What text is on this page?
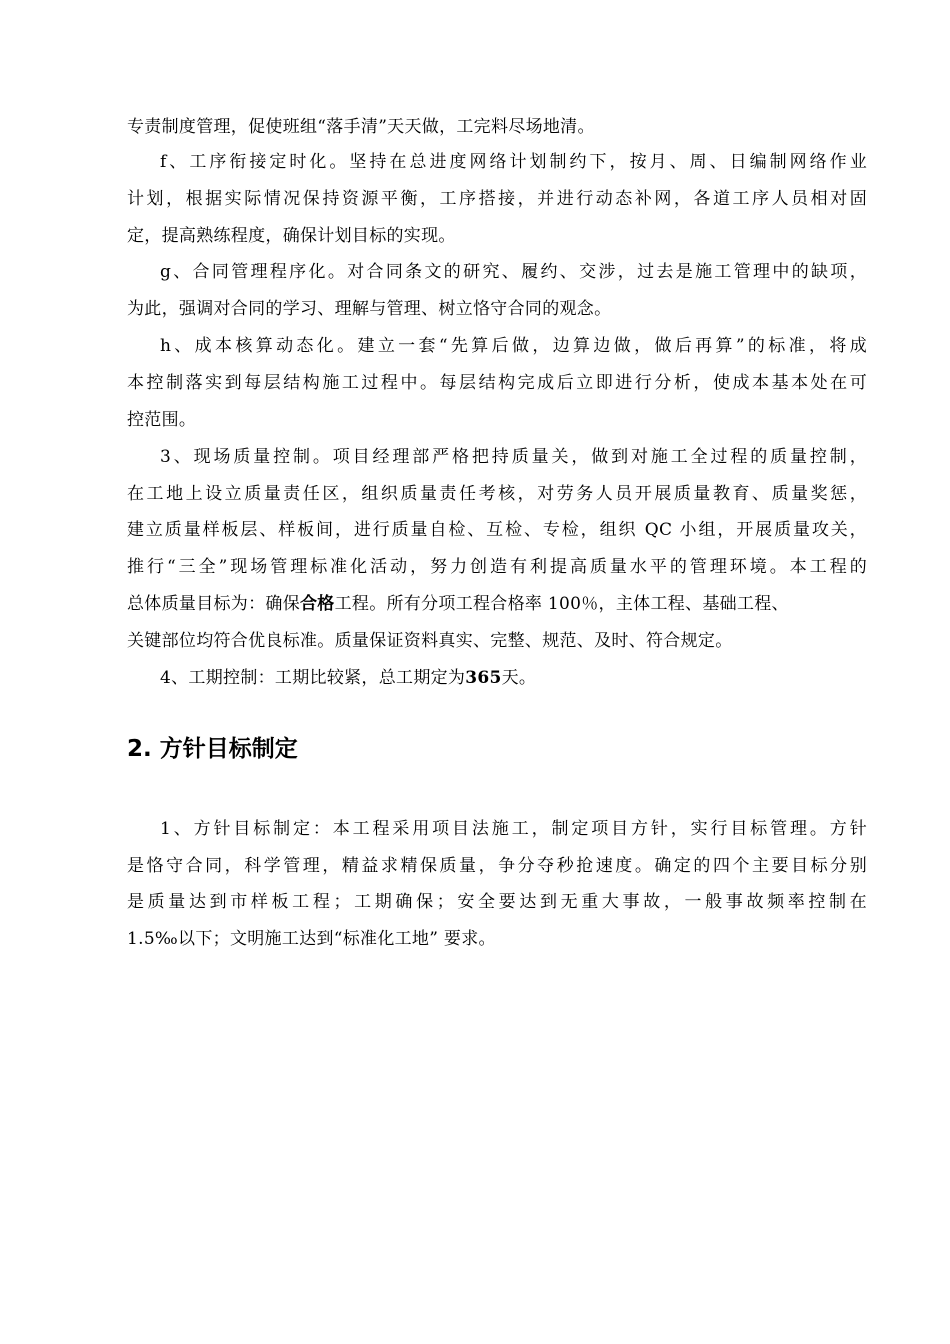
专责制度管理，促使班组“落手清”天天做，工完料尽场地清。
f、工序衔接定时化。坚持在总进度网络计划制约下，按月、周、日编制网络作业
计划，根据实际情况保持资源平衡，工序搭接，并进行动态补网，各道工序人员相对固
定，提高熟练程度，确保计划目标的实现。
g、合同管理程序化。对合同条文的研究、履约、交涉，过去是施工管理中的缺项，
为此，强调对合同的学习、理解与管理、树立恪守合同的观念。
h、成本核算动态化。建立一套“先算后做，边算边做，做后再算”的标准，将成
本控制落实到每层结构施工过程中。每层结构完成后立即进行分析，使成本基本处在可
控范围。
3、现场质量控制。项目经理部严格把持质量关，做到对施工全过程的质量控制，
在工地上设立质量责任区，组织质量责任考核，对劳务人员开展质量教育、质量奖惩，
建立质量样板层、样板间，进行质量自检、互检、专检，组织 QC 小组，开展质量攻关，
推行“三全”现场管理标准化活动，努力创造有利提高质量水平的管理环境。本工程的
总体质量目标为：确保合格工程。所有分项工程合格率 100％，主体工程、基础工程、
关键部位均符合优良标准。质量保证资料真实、完整、规范、及时、符合规定。
4、工期控制：工期比较紧，总工期定为365天。
2. 方针目标制定
1、方针目标制定：本工程采用项目法施工，制定项目方针，实行目标管理。方针
是恪守合同，科学管理，精益求精保质量，争分夺秒抢速度。确定的四个主要目标分别
是质量达到市样板工程；工期确保；安全要达到无重大事故，一般事故频率控制在
1.5‰以下；文明施工达到“标准化工地” 要求。
